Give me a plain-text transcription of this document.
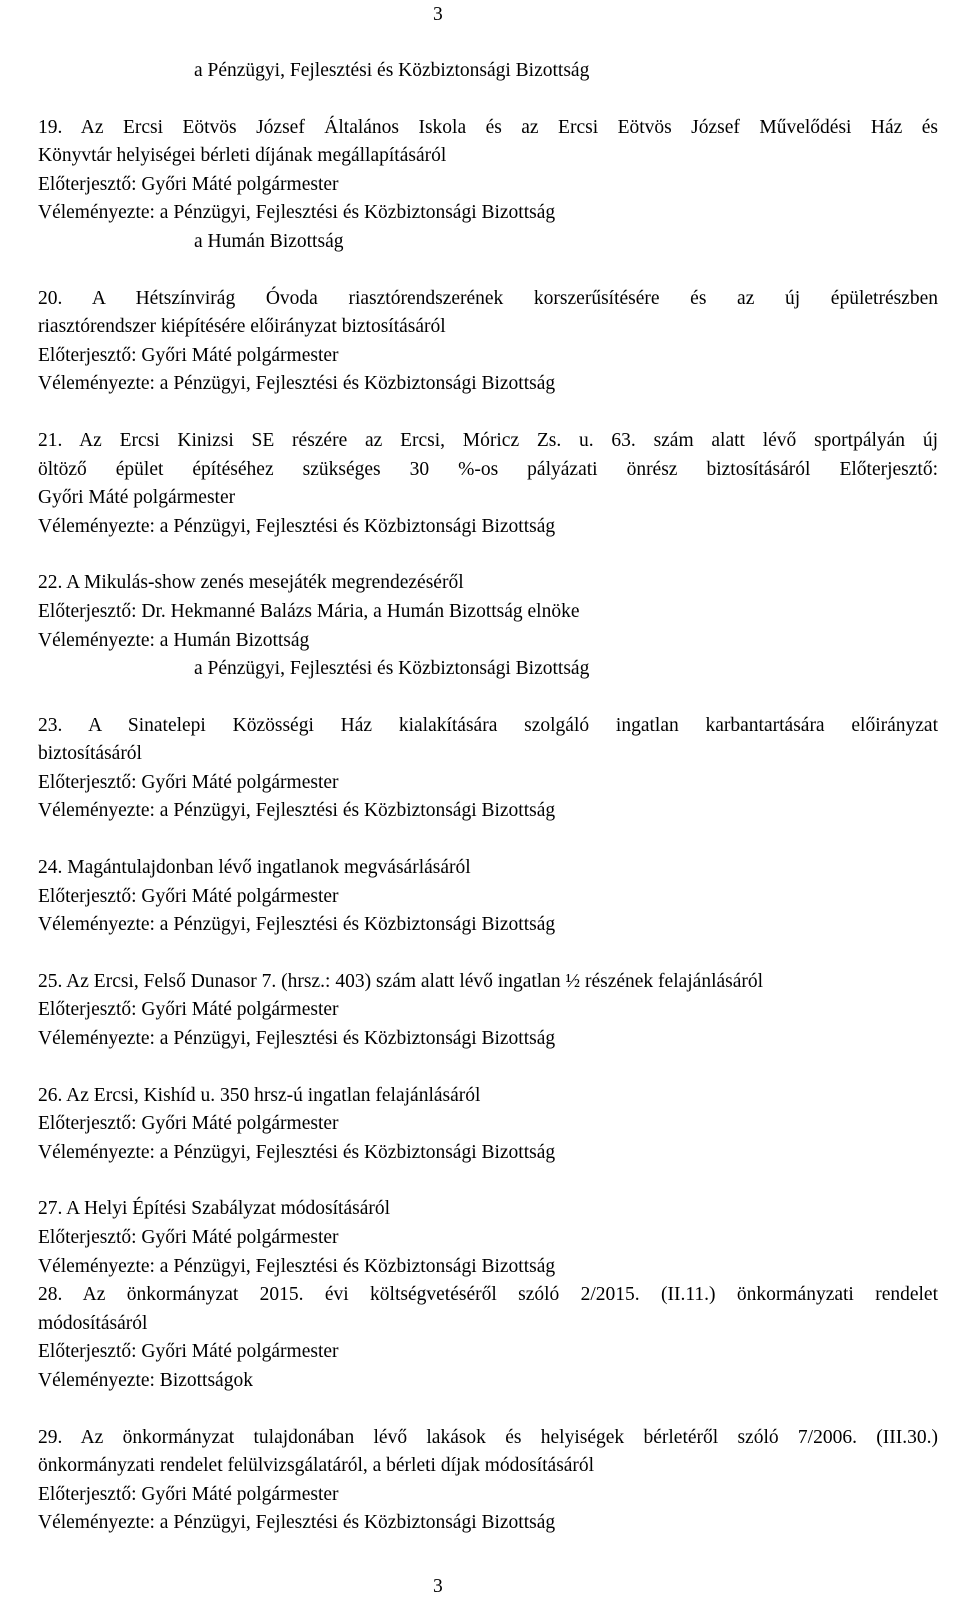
3
a Pénzügyi, Fejlesztési és Közbiztonsági Bizottság
19. Az Ercsi Eötvös József Általános Iskola és az Ercsi Eötvös József Művelődési Ház és
Könyvtár helyiségei bérleti díjának megállapításáról
Előterjesztő: Győri Máté polgármester
Véleményezte: a Pénzügyi, Fejlesztési és Közbiztonsági Bizottság
a Humán Bizottság
20. A Hétszínvirág Óvoda riasztórendszerének korszerűsítésére és az új épületrészben
riasztórendszer kiépítésére előirányzat biztosításáról
Előterjesztő: Győri Máté polgármester
Véleményezte: a Pénzügyi, Fejlesztési és Közbiztonsági Bizottság
21. Az Ercsi Kinizsi SE részére az Ercsi, Móricz Zs. u. 63. szám alatt lévő sportpályán új
öltöző épület építéséhez szükséges 30 %-os pályázati önrész biztosításáról Előterjesztő:
Győri Máté polgármester
Véleményezte: a Pénzügyi, Fejlesztési és Közbiztonsági Bizottság
22. A Mikulás-show zenés mesejáték megrendezéséről
Előterjesztő: Dr. Hekmanné Balázs Mária, a Humán Bizottság elnöke
Véleményezte: a Humán Bizottság
a Pénzügyi, Fejlesztési és Közbiztonsági Bizottság
23. A Sinatelepi Közösségi Ház kialakítására szolgáló ingatlan karbantartására előirányzat
biztosításáról
Előterjesztő: Győri Máté polgármester
Véleményezte: a Pénzügyi, Fejlesztési és Közbiztonsági Bizottság
24. Magántulajdonban lévő ingatlanok megvásárlásáról
Előterjesztő: Győri Máté polgármester
Véleményezte: a Pénzügyi, Fejlesztési és Közbiztonsági Bizottság
25. Az Ercsi, Felső Dunasor 7. (hrsz.: 403) szám alatt lévő ingatlan ½ részének felajánlásáról
Előterjesztő: Győri Máté polgármester
Véleményezte: a Pénzügyi, Fejlesztési és Közbiztonsági Bizottság
26. Az Ercsi, Kishíd u. 350 hrsz-ú ingatlan felajánlásáról
Előterjesztő: Győri Máté polgármester
Véleményezte: a Pénzügyi, Fejlesztési és Közbiztonsági Bizottság
27. A Helyi Építési Szabályzat módosításáról
Előterjesztő: Győri Máté polgármester
Véleményezte: a Pénzügyi, Fejlesztési és Közbiztonsági Bizottság
28. Az önkormányzat 2015. évi költségvetéséről szóló 2/2015. (II.11.) önkormányzati rendelet
módosításáról
Előterjesztő: Győri Máté polgármester
Véleményezte: Bizottságok
29. Az önkormányzat tulajdonában lévő lakások és helyiségek bérletéről szóló 7/2006. (III.30.)
önkormányzati rendelet felülvizsgálatáról, a bérleti díjak módosításáról
Előterjesztő: Győri Máté polgármester
Véleményezte: a Pénzügyi, Fejlesztési és Közbiztonsági Bizottság
3
